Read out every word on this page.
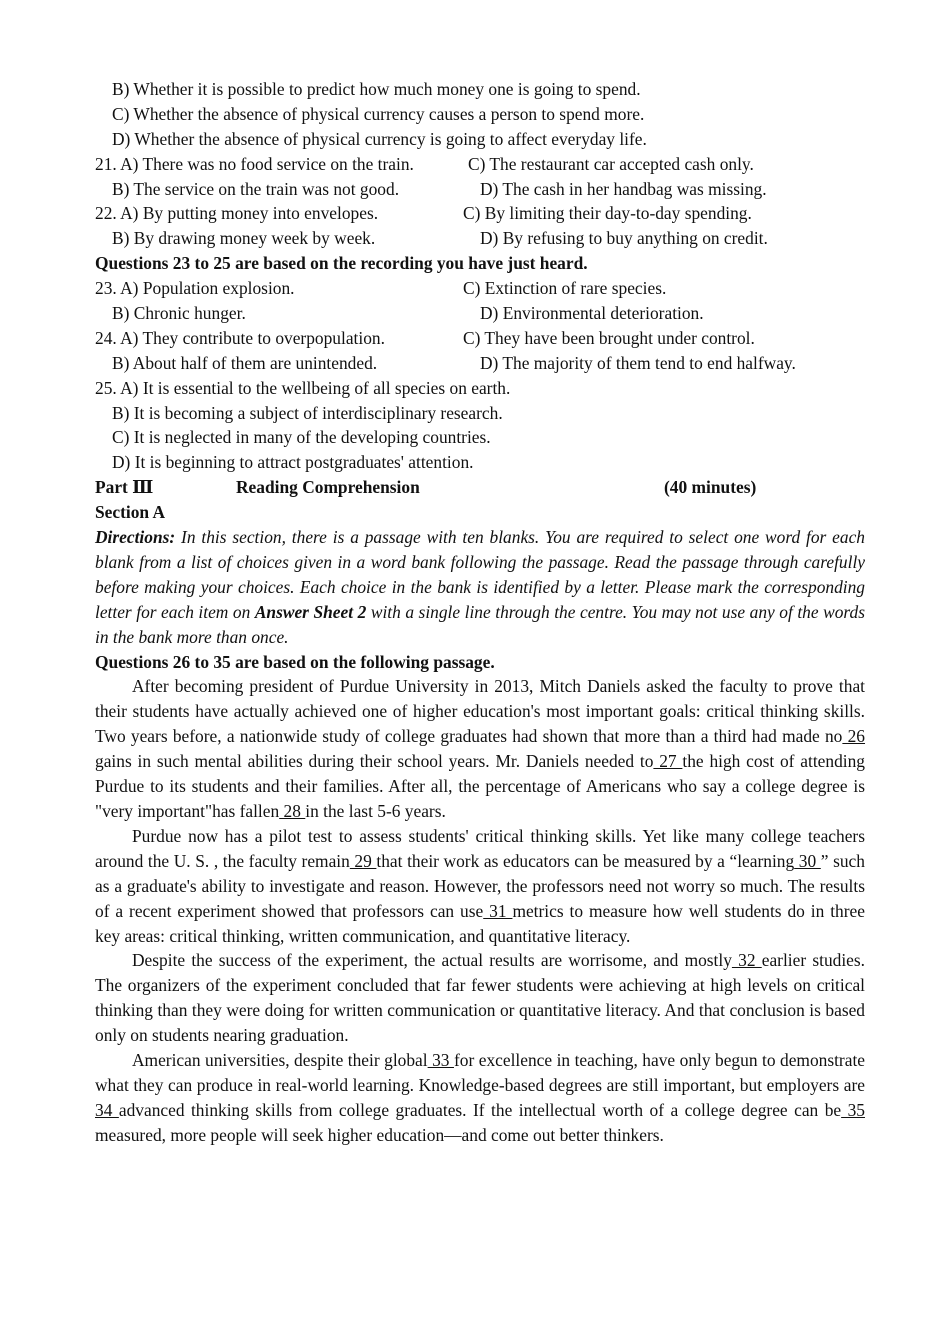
B) Whether it is possible to predict how much money one is going to spend.
C) Whether the absence of physical currency causes a person to spend more.
D) Whether the absence of physical currency is going to affect everyday life.
21. A) There was no food service on the train.	C) The restaurant car accepted cash only.
B) The service on the train was not good.	D) The cash in her handbag was missing.
22. A) By putting money into envelopes.	C) By limiting their day-to-day spending.
B) By drawing money week by week.	D) By refusing to buy anything on credit.
Questions 23 to 25 are based on the recording you have just heard.
23. A) Population explosion.	C) Extinction of rare species.
B) Chronic hunger.	D) Environmental deterioration.
24. A) They contribute to overpopulation.	C) They have been brought under control.
B) About half of them are unintended.	D) The majority of them tend to end halfway.
25. A) It is essential to the wellbeing of all species on earth.
B) It is becoming a subject of interdisciplinary research.
C) It is neglected in many of the developing countries.
D) It is beginning to attract postgraduates' attention.
Part Ⅲ	Reading Comprehension	(40 minutes)
Section A
Directions: In this section, there is a passage with ten blanks. You are required to select one word for each blank from a list of choices given in a word bank following the passage. Read the passage through carefully before making your choices. Each choice in the bank is identified by a letter. Please mark the corresponding letter for each item on Answer Sheet 2 with a single line through the centre. You may not use any of the words in the bank more than once.
Questions 26 to 35 are based on the following passage.

After becoming president of Purdue University in 2013, Mitch Daniels asked the faculty to prove that their students have actually achieved one of higher education's most important goals: critical thinking skills. Two years before, a nationwide study of college graduates had shown that more than a third had made no 26 gains in such mental abilities during their school years. Mr. Daniels needed to 27 the high cost of attending Purdue to its students and their families. After all, the percentage of Americans who say a college degree is "very important"has fallen 28 in the last 5-6 years.

Purdue now has a pilot test to assess students' critical thinking skills. Yet like many college teachers around the U. S. , the faculty remain 29 that their work as educators can be measured by a “learning 30 ” such as a graduate's ability to investigate and reason. However, the professors need not worry so much. The results of a recent experiment showed that professors can use 31 metrics to measure how well students do in three key areas: critical thinking, written communication, and quantitative literacy.

Despite the success of the experiment, the actual results are worrisome, and mostly 32 earlier studies. The organizers of the experiment concluded that far fewer students were achieving at high levels on critical thinking than they were doing for written communication or quantitative literacy. And that conclusion is based only on students nearing graduation.

American universities, despite their global 33 for excellence in teaching, have only begun to demonstrate what they can produce in real-world learning. Knowledge-based degrees are still important, but employers are 34 advanced thinking skills from college graduates. If the intellectual worth of a college degree can be 35 measured, more people will seek higher education—and come out better thinkers.
